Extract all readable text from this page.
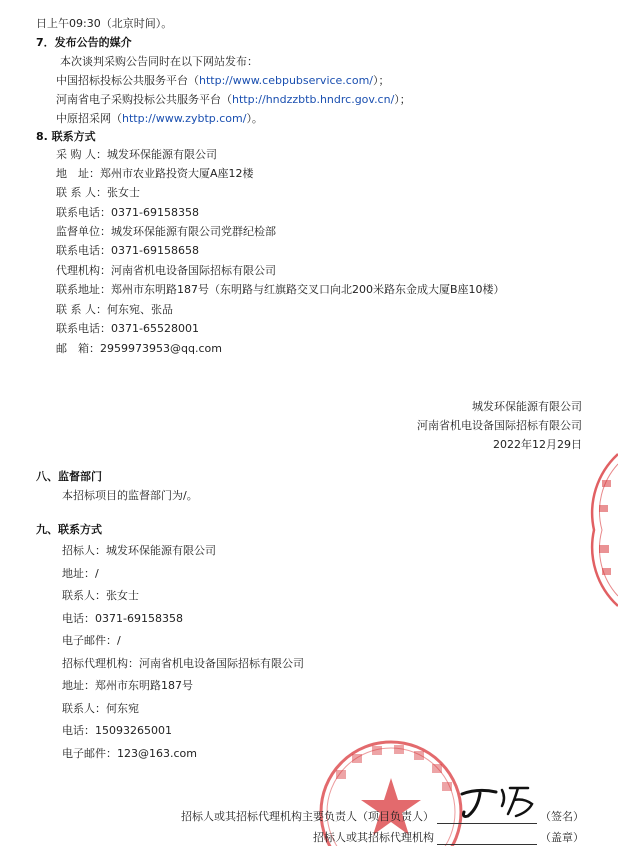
日上午09:30（北京时间）。
7．发布公告的媒介
本次谈判采购公告同时在以下网站发布：
中国招标投标公共服务平台（http://www.cebpubservice.com/）；
河南省电子采购投标公共服务平台（http://hndzzbtb.hndrc.gov.cn/）；
中原招采网（http://www.zybtp.com/）。
8. 联系方式
采 购 人：城发环保能源有限公司
地　址：郑州市农业路投资大厦A座12楼
联 系 人：张女士
联系电话：0371-69158358
监督单位：城发环保能源有限公司党群纪检部
联系电话：0371-69158658
代理机构：河南省机电设备国际招标有限公司
联系地址：郑州市东明路187号（东明路与红旗路交叉口向北200米路东金成大厦B座10楼）
联 系 人：何东宛、张品
联系电话：0371-65528001
邮　箱：2959973953@qq.com
城发环保能源有限公司
河南省机电设备国际招标有限公司
2022年12月29日
八、监督部门
本招标项目的监督部门为/。
九、联系方式
招标人：城发环保能源有限公司
地址：/
联系人：张女士
电话：0371-69158358
电子邮件：/
招标代理机构：河南省机电设备国际招标有限公司
地址：郑州市东明路187号
联系人：何东宛
电话：15093265001
电子邮件：123@163.com
招标人或其招标代理机构主要负责人（项目负责人）	（签名）
招标人或其招标代理机构	（盖章）
